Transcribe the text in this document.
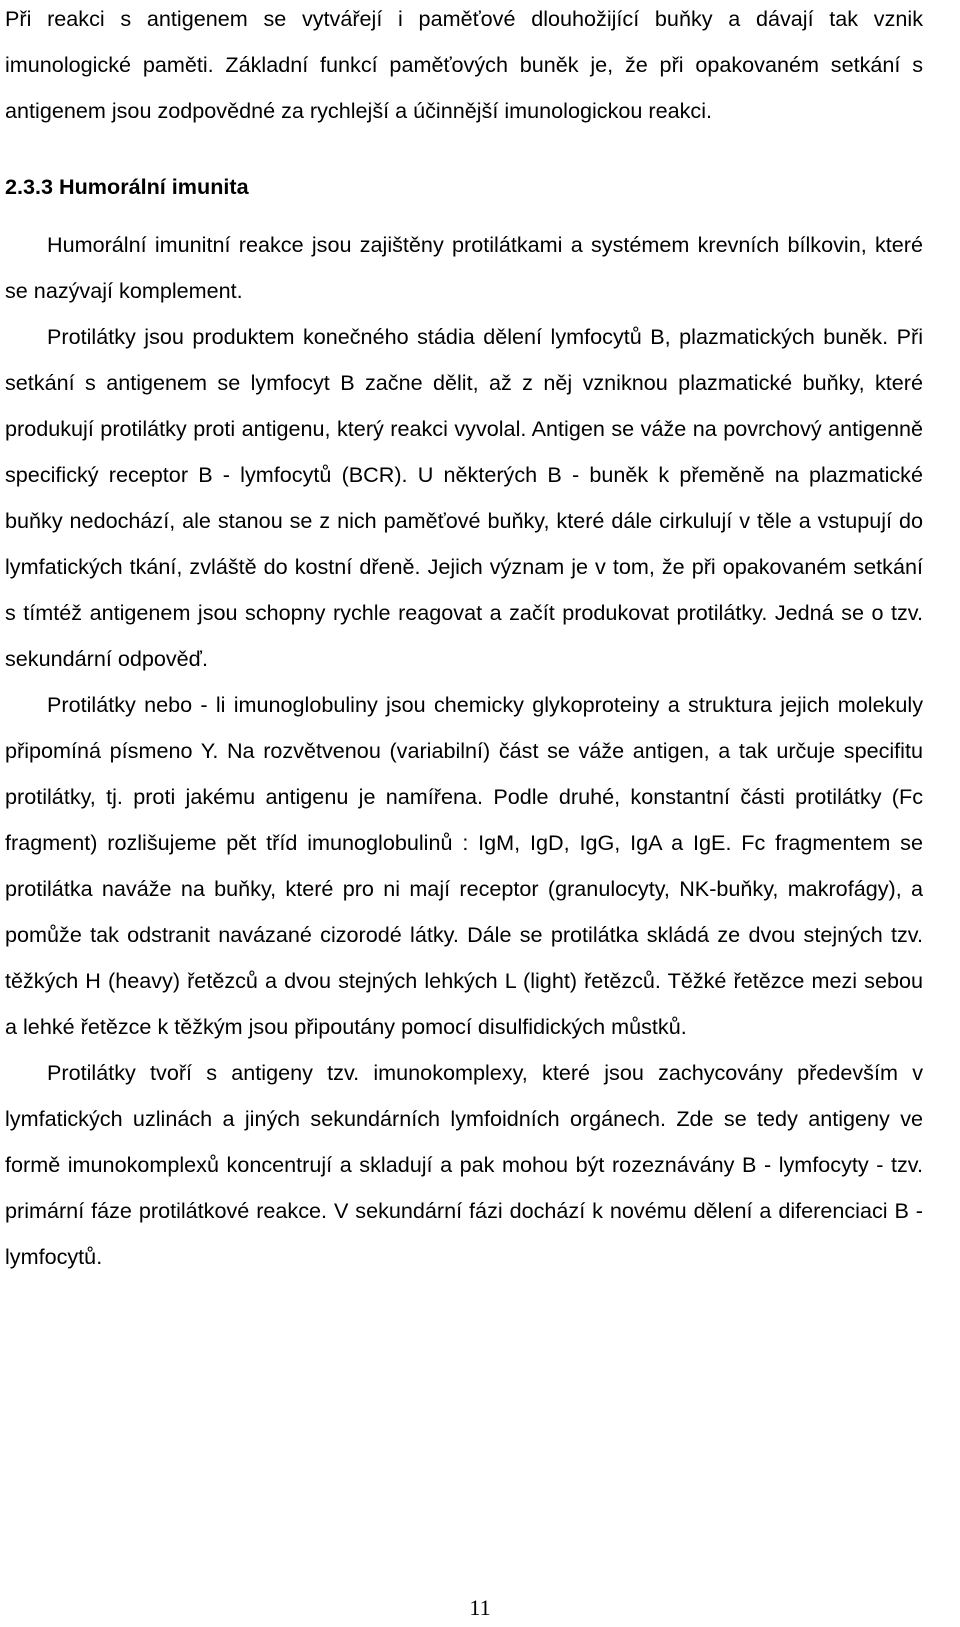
Při reakci s antigenem se vytvářejí i paměťové dlouhožijící buňky a dávají tak vznik imunologické paměti. Základní funkcí paměťových buněk je, že při opakovaném setkání s antigenem jsou zodpovědné za rychlejší a účinnější imunologickou reakci.

2.3.3 Humorální imunita

Humorální imunitní reakce jsou zajištěny protilátkami a systémem krevních bílkovin, které se nazývají komplement.

Protilátky jsou produktem konečného stádia dělení lymfocytů B, plazmatických buněk. Při setkání s antigenem se lymfocyt B začne dělit, až z něj vzniknou plazmatické buňky, které produkují protilátky proti antigenu, který reakci vyvolal. Antigen se váže na povrchový antigenně specifický receptor B - lymfocytů (BCR). U některých B - buněk k přeměně na plazmatické buňky nedochází, ale stanou se z nich paměťové buňky, které dále cirkulují v těle a vstupují do lymfatických tkání, zvláště do kostní dřeně. Jejich význam je v tom, že při opakovaném setkání s tímtéž antigenem jsou schopny rychle reagovat a začít produkovat protilátky. Jedná se o tzv. sekundární odpověď.

Protilátky nebo - li imunoglobuliny jsou chemicky glykoproteiny a struktura jejich molekuly připomíná písmeno Y. Na rozvětvenou (variabilní) část se váže antigen, a tak určuje specifitu protilátky, tj. proti jakému antigenu je namířena. Podle druhé, konstantní části protilátky (Fc fragment) rozlišujeme pět tříd imunoglobulinů : IgM, IgD, IgG, IgA a IgE. Fc fragmentem se protilátka naváže na buňky, které pro ni mají receptor (granulocyty, NK-buňky, makrofágy), a pomůže tak odstranit navázané cizorodé látky. Dále se protilátka skládá ze dvou stejných tzv. těžkých H (heavy) řetězců a dvou stejných lehkých L (light) řetězců. Těžké řetězce mezi sebou a lehké řetězce k těžkým jsou připoutány pomocí disulfidických můstků.

Protilátky tvoří s antigeny tzv. imunokomplexy, které jsou zachycovány především v lymfatických uzlinách a jiných sekundárních lymfoidních orgánech. Zde se tedy antigeny ve formě imunokomplexů koncentrují a skladují a pak mohou být rozeznávány B - lymfocyty - tzv. primární fáze protilátkové reakce. V sekundární fázi dochází k novému dělení a diferenciaci B - lymfocytů.

11
